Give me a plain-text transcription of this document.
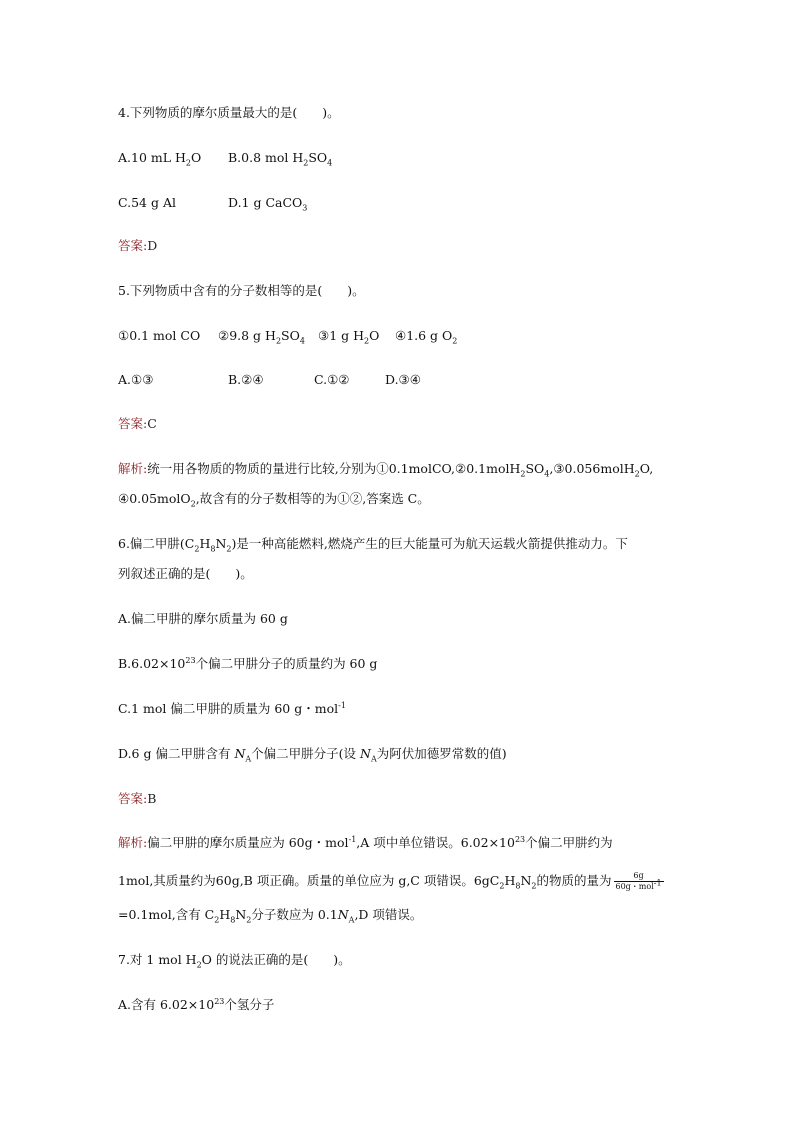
4.下列物质的摩尔质量最大的是(　　)。
A.10 mL $H_2O$ B.0.8 mol $H_2SO_4$
C.54 g Al	D.1 g CaCO$_3$
答案:D
5.下列物质中含有的分子数相等的是(　　)。
①0.1 mol CO ②9.8 g $H_2SO_4$ ③1 g $H_2O$ ④1.6 g $O_2$
A.①③	B.②④	C.①②	D.③④
答案:C
解析:统一用各物质的物质的量进行比较,分别为$①0.1molCO,②0.1molH_2SO_4,③0.056molH_2O$,
④0.05molO$_2$,故含有的分子数相等的为①②,答案选 C。
6.偏二甲肼$(C_2H_8N_2)$是一种高能燃料,燃烧产生的巨大能量可为航天运载火箭提供推动力。下
列叙述正确的是(　　)。
A.偏二甲肼的摩尔质量为 60 g
$B.6.02\times 10^{23}$个偏二甲肼分子的质量约为 60 g
C.1 mol 偏二甲肼的质量为 60 g・mol$^{-1}$
D.6 g 偏二甲肼含有 $N_A$个偏二甲肼分子(设 $N_A$为阿伏加德罗常数的值)
答案:B
解析:偏二甲肼的摩尔质量应为 60g・mol$^{-1}$,A 项中单位错误。$6.02\times 10^{23}$个偏二甲肼约为
1mol,其质量约为60g,B 项正确。质量的单位应为 g,C 项错误。$6gC_2H_8N_2$的物质的量为 $\frac{6g}{60g・mol^{-1}}$
=0.1mol,含有 $C_2H_8N_2$分子数应为 $0.1N_A,D$ 项错误。
7.对 1 mol $H_2O$ 的说法正确的是(　　)。
A.含有 $6.02\times 10^{23}$个氢分子
